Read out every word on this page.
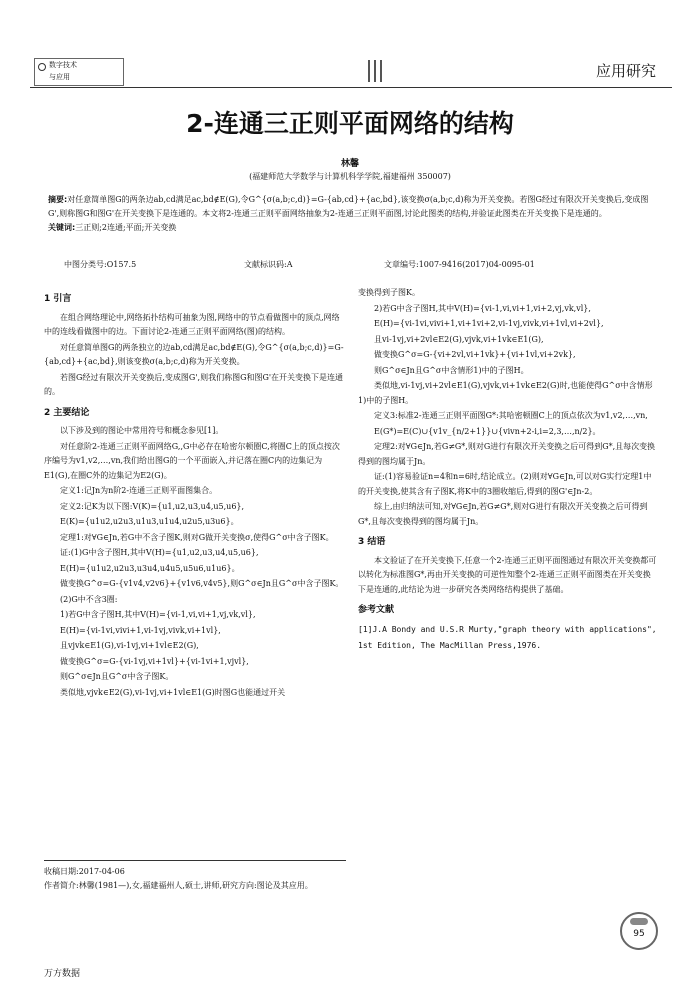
数字技术
与应用	应用研究
2-连通三正则平面网络的结构
林馨
(福建师范大学数学与计算机科学学院,福建福州 350007)
摘要:对任意简单图G的两条边ab,cd满足ac,bd∉E(G),令G^{σ(a,b;c,d)}=G-{ab,cd}+{ac,bd},该变换σ(a,b;c,d)称为开关变换。若图G经过有限次开关变换后,变成图G',则称图G和图G'在开关变换下是连通的。本文将2-连通三正则平面网络抽象为2-连通三正则平面图,讨论此图类的结构,并验证此图类在开关变换下是连通的。
关键词:三正则;2连通;平面;开关变换
中图分类号:O157.5	文献标识码:A	文章编号:1007-9416(2017)04-0095-01
1 引言

在组合网络理论中,网络拓扑结构可抽象为图,网络中的节点看做图中的顶点,网络中的连线看做图中的边。下面讨论2-连通三正则平面网络(图)的结构。

对任意简单图G的两条独立的边ab,cd满足ac,bd∉E(G),令G^{σ(a,b;c,d)}=G-{ab,cd}+{ac,bd},则该变换σ(a,b;c,d)称为开关变换。

若图G经过有限次开关变换后,变成图G',则我们称图G和图G'在开关变换下是连通的。

2 主要结论

以下涉及到的图论中常用符号和概念参见[1]。

对任意阶2-连通三正则平面网络G,,G中必存在哈密尔顿圈C,将圈C上的顶点按次序编号为v1,v2,…,vn,我们给出图G的一个平面嵌入,并记落在圈C内的边集记为E1(G),在圈C外的边集记为E2(G)。

定义1:记Jn为n阶2-连通三正则平面图集合。

定义2:记K为以下图:V(K)={u1,u2,u3,u4,u5,u6},

E(K)={u1u2,u2u3,u1u3,u1u4,u2u5,u3u6}。

定理1:对∀G∈Jn,若G中不含子图K,则对G做开关变换σ,使得G^σ中含子图K。

证:(1)G中含子图H,其中V(H)={u1,u2,u3,u4,u5,u6},

E(H)={u1u2,u2u3,u3u4,u4u5,u5u6,u1u6}。

做变换G^σ=G-{v1v4,v2v6}+{v1v6,v4v5},则G^σ∈Jn且G^σ中含子图K。

(2)G中不含3圈:

1)若G中含子图H,其中V(H)={vi-1,vi,vi+1,vj,vk,vl},

E(H)={vi-1vi,vivi+1,vi-1vj,vivk,vi+1vl},

且vjvk∈E1(G),vi-1vj,vi+1vl∈E2(G),

做变换G^σ=G-{vi-1vj,vi+1vl}+{vi-1vi+1,vjvl},

则G^σ∈Jn且G^σ中含子图K。

类似地,vjvk∈E2(G),vi-1vj,vi+1vl∈E1(G)时图G也能通过开关

变换得到子图K。

2)若G中含子图H,其中V(H)={vi-1,vi,vi+1,vi+2,vj,vk,vl},

E(H)={vi-1vi,vivi+1,vi+1vi+2,vi-1vj,vivk,vi+1vl,vi+2vl},

且vi-1vj,vi+2vl∈E2(G),vjvk,vi+1vk∈E1(G),

做变换G^σ=G-{vi+2vl,vi+1vk}+{vi+1vl,vi+2vk},

则G^σ∈Jn且G^σ中含情形1)中的子图H。

类似地,vi-1vj,vi+2vl∈E1(G),vjvk,vi+1vk∈E2(G)时,也能使得G^σ中含情形1)中的子图H。

定义3:标准2-连通三正则平面图G*:其哈密顿圈C上的顶点依次为v1,v2,…,vn,

E(G*)=E(C)∪{v1v_{n/2+1}}∪{vivn+2-i,i=2,3,…,n/2}。

定理2:对∀G∈Jn,若G≠G*,则对G进行有限次开关变换之后可得到G*,且每次变换得到的图均属于Jn。

证:(1)容易验证n=4和n=6时,结论成立。(2)则对∀G∈Jn,可以对G实行定理1中的开关变换,使其含有子图K,将K中的3圈收缩后,得到的图G'∈Jn-2。

综上,由归纳法可知,对∀G∈Jn,若G≠G*,则对G进行有限次开关变换之后可得到G*,且每次变换得到的图均属于Jn。

3 结语

本文验证了在开关变换下,任意一个2-连通三正则平面图通过有限次开关变换都可以转化为标准图G*,再由开关变换的可逆性知整个2-连通三正则平面图类在开关变换下是连通的,此结论为进一步研究各类网络结构提供了基础。

参考文献

[1]J.A Bondy and U.S.R Murty,"graph theory with applications", 1st Edition, The MacMillan Press,1976.

收稿日期:2017-04-06
作者简介:林馨(1981—),女,福建福州人,硕士,讲师,研究方向:图论及其应用。
95
万方数据
